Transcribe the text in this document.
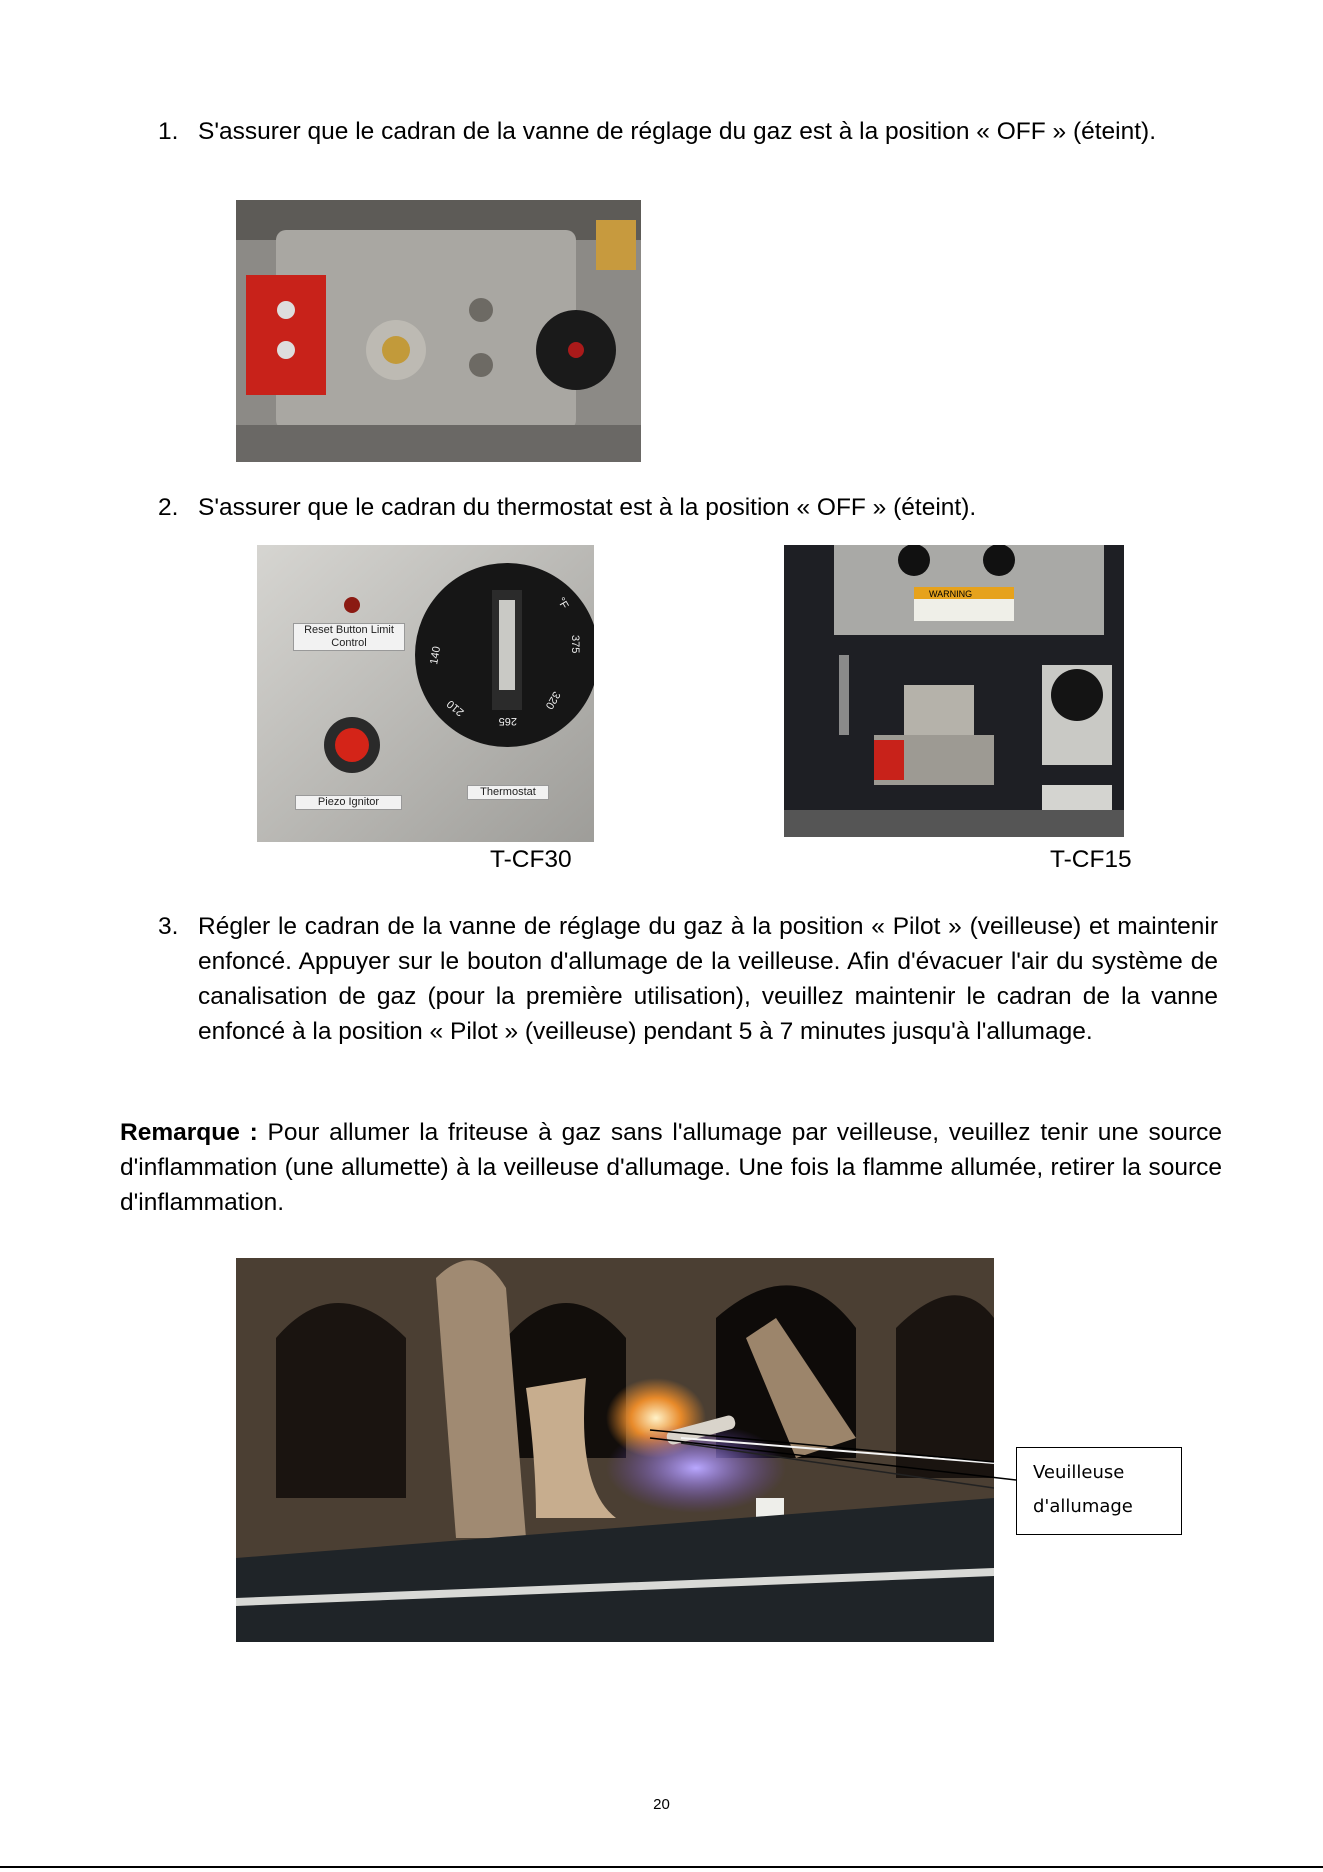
1. S'assurer que le cadran de la vanne de réglage du gaz est à la position « OFF » (éteint).
2. S'assurer que le cadran du thermostat est à la position « OFF » (éteint).
140
210
265
320
375
°F
Reset Button Limit Control
Piezo Ignitor
Thermostat
T-CF30
WARNING
T-CF15
3. Régler le cadran de la vanne de réglage du gaz à la position « Pilot » (veilleuse) et maintenir enfoncé. Appuyer sur le bouton d'allumage de la veilleuse. Afin d'évacuer l'air du système de canalisation de gaz (pour la première utilisation), veuillez maintenir le cadran de la vanne enfoncé à la position « Pilot » (veilleuse) pendant 5 à 7 minutes jusqu'à l'allumage.
Remarque : Pour allumer la friteuse à gaz sans l'allumage par veilleuse, veuillez tenir une source d'inflammation (une allumette) à la veilleuse d'allumage. Une fois la flamme allumée, retirer la source d'inflammation.
Veuilleuse
d'allumage
20
